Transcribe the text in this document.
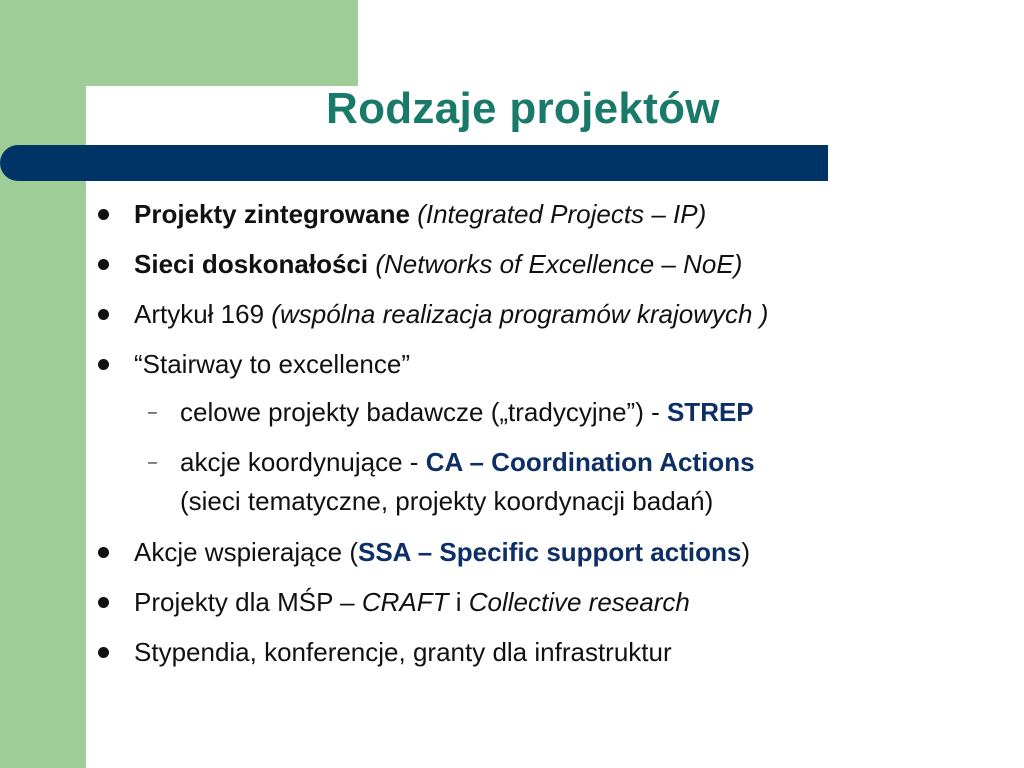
Rodzaje projektów
Projekty zintegrowane (Integrated Projects – IP)
Sieci doskonałości (Networks of Excellence – NoE)
Artykuł 169 (wspólna realizacja programów krajowych )
“Stairway to excellence”
– celowe projekty badawcze („tradycyjne”) - STREP
– akcje koordynujące - CA – Coordination Actions
(sieci tematyczne, projekty koordynacji badań)
Akcje wspierające (SSA – Specific support actions)
Projekty dla MŚP – CRAFT i Collective research
Stypendia, konferencje, granty dla infrastruktur
